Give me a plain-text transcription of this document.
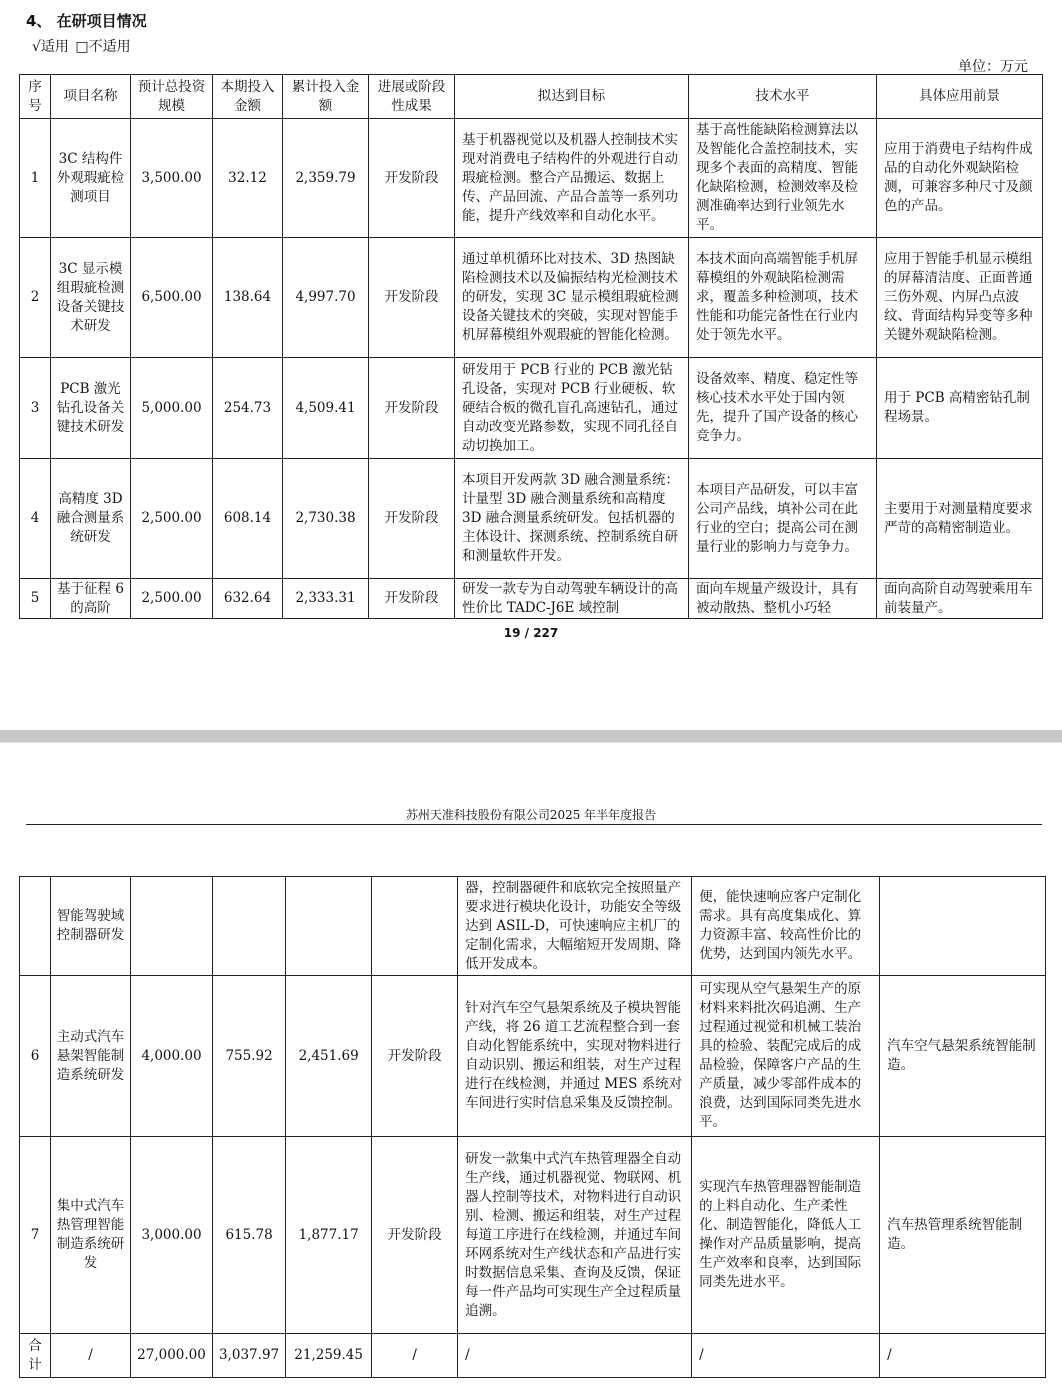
4、 在研项目情况
√适用 □不适用
单位：万元
序号	项目名称	预计总投资规模	本期投入金额	累计投入金额	进展或阶段性成果	拟达到目标	技术水平	具体应用前景
1	3C 结构件外观瑕疵检测项目	3,500.00	32.12	2,359.79	开发阶段	基于机器视觉以及机器人控制技术实现对消费电子结构件的外观进行自动瑕疵检测。整合产品搬运、数据上传、产品回流、产品合盖等一系列功能，提升产线效率和自动化水平。	基于高性能缺陷检测算法以及智能化合盖控制技术，实现多个表面的高精度、智能化缺陷检测，检测效率及检测准确率达到行业领先水平。	应用于消费电子结构件成品的自动化外观缺陷检测，可兼容多种尺寸及颜色的产品。
2	3C 显示模组瑕疵检测设备关键技术研发	6,500.00	138.64	4,997.70	开发阶段	通过单机循环比对技术、3D 热图缺陷检测技术以及偏振结构光检测技术的研发，实现 3C 显示模组瑕疵检测设备关键技术的突破，实现对智能手机屏幕模组外观瑕疵的智能化检测。	本技术面向高端智能手机屏幕模组的外观缺陷检测需求，覆盖多种检测项，技术性能和功能完备性在行业内处于领先水平。	应用于智能手机显示模组的屏幕清洁度、正面普通三伤外观、内屏凸点波纹、背面结构异变等多种关键外观缺陷检测。
3	PCB 激光钻孔设备关键技术研发	5,000.00	254.73	4,509.41	开发阶段	研发用于 PCB 行业的 PCB 激光钻孔设备，实现对 PCB 行业硬板、软硬结合板的微孔盲孔高速钻孔，通过自动改变光路参数，实现不同孔径自动切换加工。	设备效率、精度、稳定性等核心技术水平处于国内领先，提升了国产设备的核心竞争力。	用于 PCB 高精密钻孔制程场景。
4	高精度 3D 融合测量系统研发	2,500.00	608.14	2,730.38	开发阶段	本项目开发两款 3D 融合测量系统：计量型 3D 融合测量系统和高精度 3D 融合测量系统研发。包括机器的主体设计、探测系统、控制系统自研和测量软件开发。	本项目产品研发，可以丰富公司产品线，填补公司在此行业的空白；提高公司在测量行业的影响力与竞争力。	主要用于对测量精度要求严苛的高精密制造业。
5	基于征程 6 的高阶	2,500.00	632.64	2,333.31	开发阶段	研发一款专为自动驾驶车辆设计的高性价比 TADC-J6E 域控制	面向车规量产级设计，具有被动散热、整机小巧轻	面向高阶自动驾驶乘用车前装量产。
19 / 227
苏州天准科技股份有限公司2025 年半年度报告
	智能驾驶域控制器研发					器，控制器硬件和底软完全按照量产要求进行模块化设计，功能安全等级达到 ASIL-D，可快速响应主机厂的定制化需求，大幅缩短开发周期、降低开发成本。	便，能快速响应客户定制化需求。具有高度集成化、算力资源丰富、较高性价比的优势，达到国内领先水平。	
6	主动式汽车悬架智能制造系统研发	4,000.00	755.92	2,451.69	开发阶段	针对汽车空气悬架系统及子模块智能产线，将 26 道工艺流程整合到一套自动化智能系统中，实现对物料进行自动识别、搬运和组装，对生产过程进行在线检测，并通过 MES 系统对车间进行实时信息采集及反馈控制。	可实现从空气悬架生产的原材料来料批次码追溯、生产过程通过视觉和机械工装治具的检验、装配完成后的成品检验，保障客户产品的生产质量，减少零部件成本的浪费，达到国际同类先进水平。	汽车空气悬架系统智能制造。
7	集中式汽车热管理智能制造系统研发	3,000.00	615.78	1,877.17	开发阶段	研发一款集中式汽车热管理器全自动生产线，通过机器视觉、物联网、机器人控制等技术，对物料进行自动识别、检测、搬运和组装，对生产过程每道工序进行在线检测，并通过车间环网系统对生产线状态和产品进行实时数据信息采集、查询及反馈，保证每一件产品均可实现生产全过程质量追溯。	实现汽车热管理器智能制造的上料自动化、生产柔性化、制造智能化，降低人工操作对产品质量影响，提高生产效率和良率，达到国际同类先进水平。	汽车热管理系统智能制造。
合计	/	27,000.00	3,037.97	21,259.45	/	/	/	/
